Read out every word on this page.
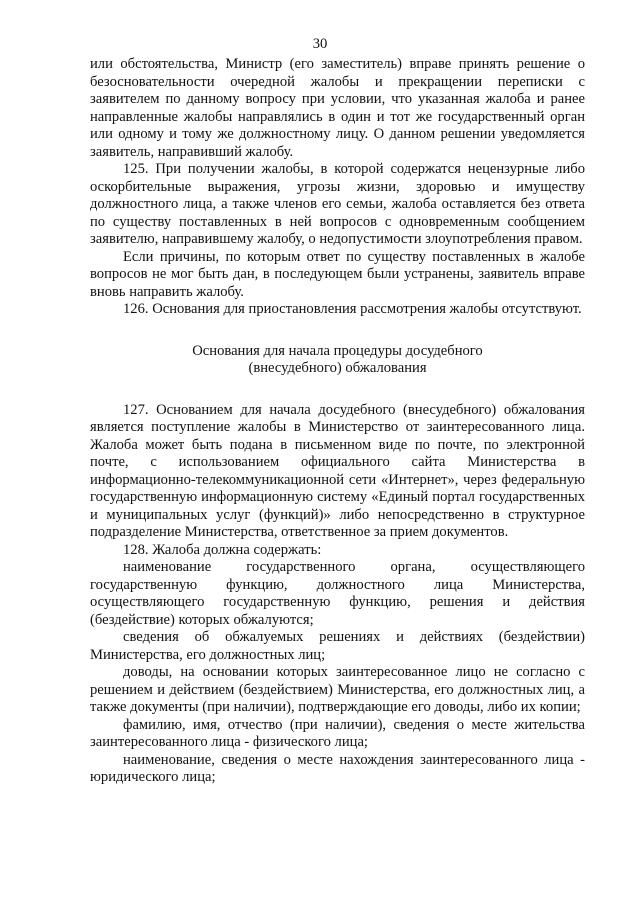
30

или обстоятельства, Министр (его заместитель) вправе принять решение о безосновательности очередной жалобы и прекращении переписки с заявителем по данному вопросу при условии, что указанная жалоба и ранее направленные жалобы направлялись в один и тот же государственный орган или одному и тому же должностному лицу. О данном решении уведомляется заявитель, направивший жалобу.

125. При получении жалобы, в которой содержатся нецензурные либо оскорбительные выражения, угрозы жизни, здоровью и имуществу должностного лица, а также членов его семьи, жалоба оставляется без ответа по существу поставленных в ней вопросов с одновременным сообщением заявителю, направившему жалобу, о недопустимости злоупотребления правом.

Если причины, по которым ответ по существу поставленных в жалобе вопросов не мог быть дан, в последующем были устранены, заявитель вправе вновь направить жалобу.

126. Основания для приостановления рассмотрения жалобы отсутствуют.

Основания для начала процедуры досудебного

(внесудебного) обжалования

127. Основанием для начала досудебного (внесудебного) обжалования является поступление жалобы в Министерство от заинтересованного лица. Жалоба может быть подана в письменном виде по почте, по электронной почте, с использованием официального сайта Министерства в информационно-телекоммуникационной сети «Интернет», через федеральную государственную информационную систему «Единый портал государственных и муниципальных услуг (функций)» либо непосредственно в структурное подразделение Министерства, ответственное за прием документов.

128. Жалоба должна содержать:

наименование государственного органа, осуществляющего государственную функцию, должностного лица Министерства, осуществляющего государственную функцию, решения и действия (бездействие) которых обжалуются;

сведения об обжалуемых решениях и действиях (бездействии) Министерства, его должностных лиц;

доводы, на основании которых заинтересованное лицо не согласно с решением и действием (бездействием) Министерства, его должностных лиц, а также документы (при наличии), подтверждающие его доводы, либо их копии;

фамилию, имя, отчество (при наличии), сведения о месте жительства заинтересованного лица - физического лица;

наименование, сведения о месте нахождения заинтересованного лица - юридического лица;
